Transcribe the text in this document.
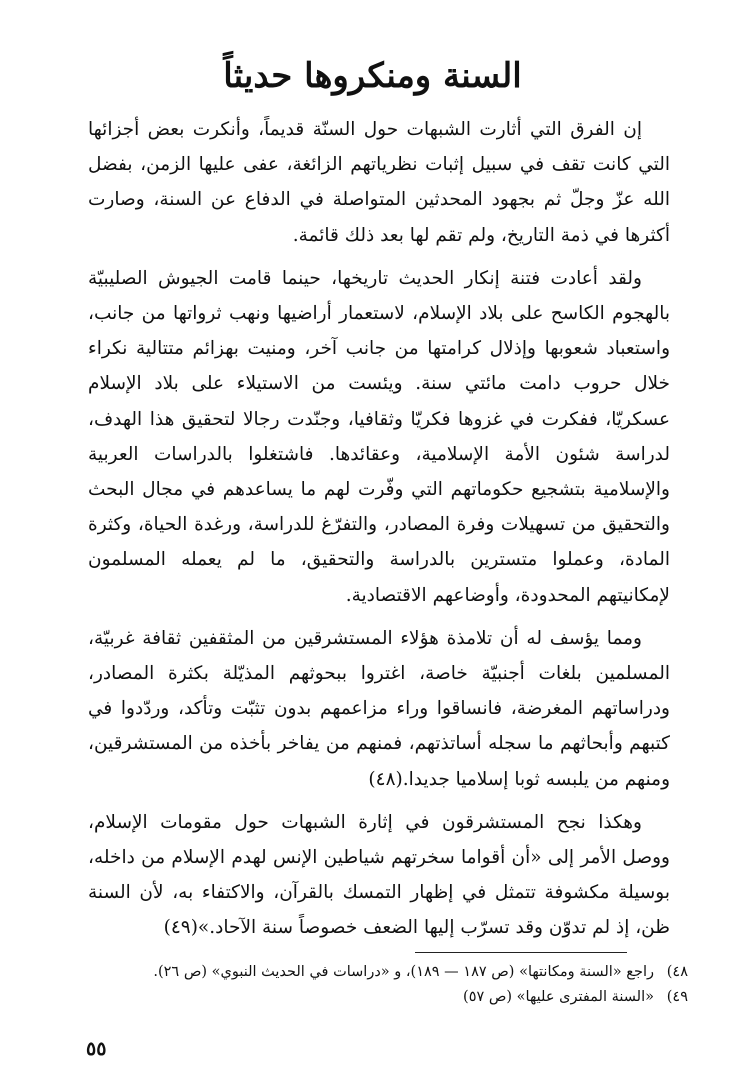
السنة ومنكروها حديثاً

إن الفرق التي أثارت الشبهات حول السنّة قديماً، وأنكرت بعض أجزائها التي كانت تقف في سبيل إثبات نظرياتهم الزائغة، عفى عليها الزمن، بفضل الله عزّ وجلّ ثم بجهود المحدثين المتواصلة في الدفاع عن السنة، وصارت أكثرها في ذمة التاريخ، ولم تقم لها بعد ذلك قائمة.

ولقد أعادت فتنة إنكار الحديث تاريخها، حينما قامت الجيوش الصليبيّة بالهجوم الكاسح على بلاد الإسلام، لاستعمار أراضيها ونهب ثرواتها من جانب، واستعباد شعوبها وإذلال كرامتها من جانب آخر، ومنيت بهزائم متتالية نكراء خلال حروب دامت مائتي سنة. ويئست من الاستيلاء على بلاد الإسلام عسكريّا، ففكرت في غزوها فكريّا وثقافيا، وجنّدت رجالا لتحقيق هذا الهدف، لدراسة شئون الأمة الإسلامية، وعقائدها. فاشتغلوا بالدراسات العربية والإسلامية بتشجيع حكوماتهم التي وفّرت لهم ما يساعدهم في مجال البحث والتحقيق من تسهيلات وفرة المصادر، والتفرّغ للدراسة، ورغدة الحياة، وكثرة المادة، وعملوا متسترين بالدراسة والتحقيق، ما لم يعمله المسلمون لإمكانيتهم المحدودة، وأوضاعهم الاقتصادية.

ومما يؤسف له أن تلامذة هؤلاء المستشرقين من المثقفين ثقافة غربيّة، المسلمين بلغات أجنبيّة خاصة، اغتروا ببحوثهم المذيّلة بكثرة المصادر، ودراساتهم المغرضة، فانساقوا وراء مزاعمهم بدون تثبّت وتأكد، وردّدوا في كتبهم وأبحاثهم ما سجله أساتذتهم، فمنهم من يفاخر بأخذه من المستشرقين، ومنهم من يلبسه ثوبا إسلاميا جديدا.(٤٨)

وهكذا نجح المستشرقون في إثارة الشبهات حول مقومات الإسلام، ووصل الأمر إلى «أن أقواما سخرتهم شياطين الإنس لهدم الإسلام من داخله، بوسيلة مكشوفة تتمثل في إظهار التمسك بالقرآن، والاكتفاء به، لأن السنة ظن، إذ لم تدوّن وقد تسرّب إليها الضعف خصوصاً سنة الآحاد.»(٤٩)

٤٨)
راجع «السنة ومكانتها» (ص ١٨٧ — ١٨٩)، و «دراسات في الحديث النبوي» (ص ٢٦).
٤٩)
«السنة المفترى عليها» (ص ٥٧)
٥٥
